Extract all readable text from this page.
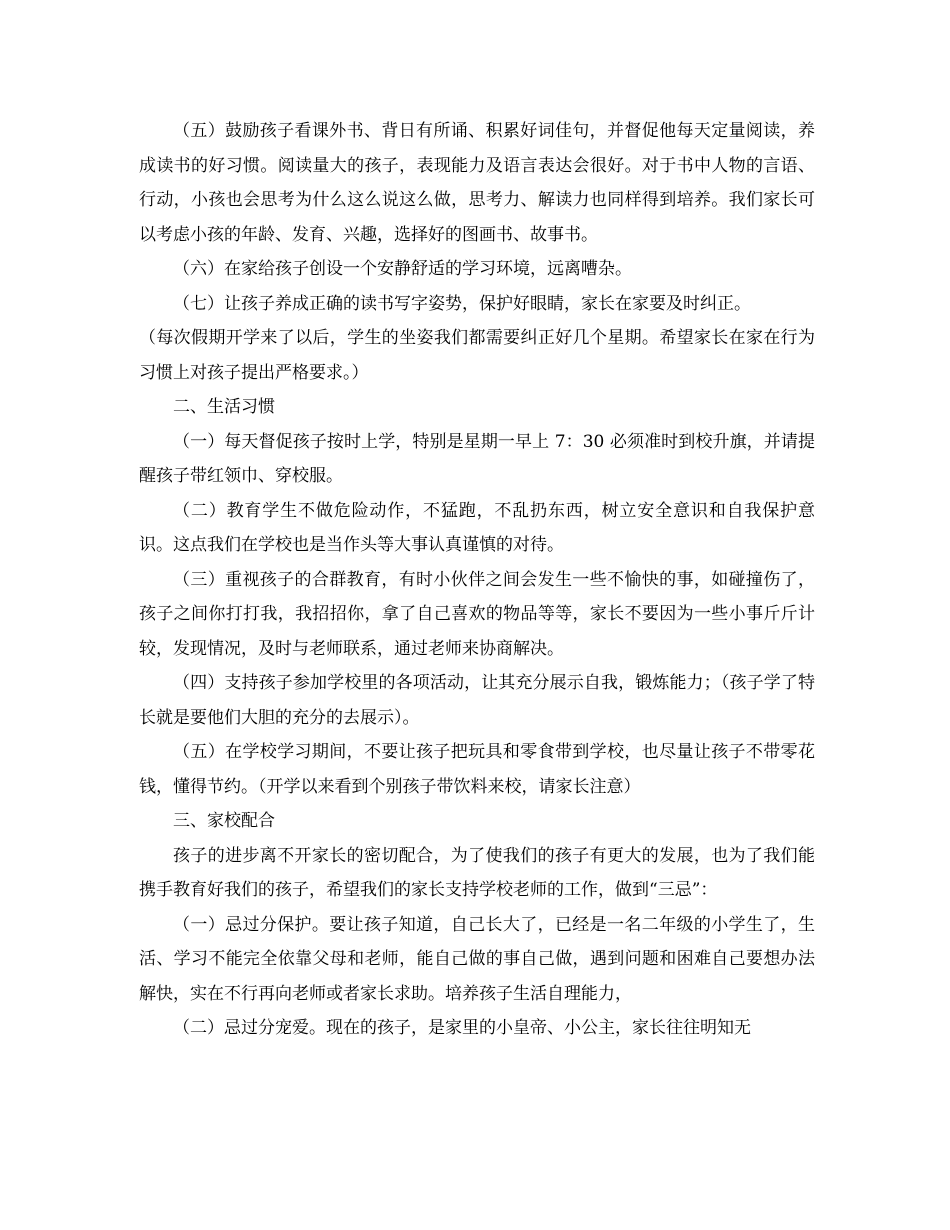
（五）鼓励孩子看课外书、背日有所诵、积累好词佳句，并督促他每天定量阅读，养成读书的好习惯。阅读量大的孩子，表现能力及语言表达会很好。对于书中人物的言语、行动，小孩也会思考为什么这么说这么做，思考力、解读力也同样得到培养。我们家长可以考虑小孩的年龄、发育、兴趣，选择好的图画书、故事书。

（六）在家给孩子创设一个安静舒适的学习环境，远离嘈杂。

（七）让孩子养成正确的读书写字姿势，保护好眼睛，家长在家要及时纠正。

（每次假期开学来了以后，学生的坐姿我们都需要纠正好几个星期。希望家长在家在行为习惯上对孩子提出严格要求。）

二、生活习惯

（一）每天督促孩子按时上学，特别是星期一早上 7：30 必须准时到校升旗，并请提醒孩子带红领巾、穿校服。

（二）教育学生不做危险动作，不猛跑，不乱扔东西，树立安全意识和自我保护意识。这点我们在学校也是当作头等大事认真谨慎的对待。

（三）重视孩子的合群教育，有时小伙伴之间会发生一些不愉快的事，如碰撞伤了，孩子之间你打打我，我招招你，拿了自己喜欢的物品等等，家长不要因为一些小事斤斤计较，发现情况，及时与老师联系，通过老师来协商解决。

（四）支持孩子参加学校里的各项活动，让其充分展示自我，锻炼能力；（孩子学了特长就是要他们大胆的充分的去展示）。

（五）在学校学习期间，不要让孩子把玩具和零食带到学校，也尽量让孩子不带零花钱，懂得节约。（开学以来看到个别孩子带饮料来校，请家长注意）

三、家校配合

孩子的进步离不开家长的密切配合，为了使我们的孩子有更大的发展，也为了我们能携手教育好我们的孩子，希望我们的家长支持学校老师的工作，做到“三忌”：

（一）忌过分保护。要让孩子知道，自己长大了，已经是一名二年级的小学生了，生活、学习不能完全依靠父母和老师，能自己做的事自己做，遇到问题和困难自己要想办法解快，实在不行再向老师或者家长求助。培养孩子生活自理能力，

（二）忌过分宠爱。现在的孩子，是家里的小皇帝、小公主，家长往往明知无
